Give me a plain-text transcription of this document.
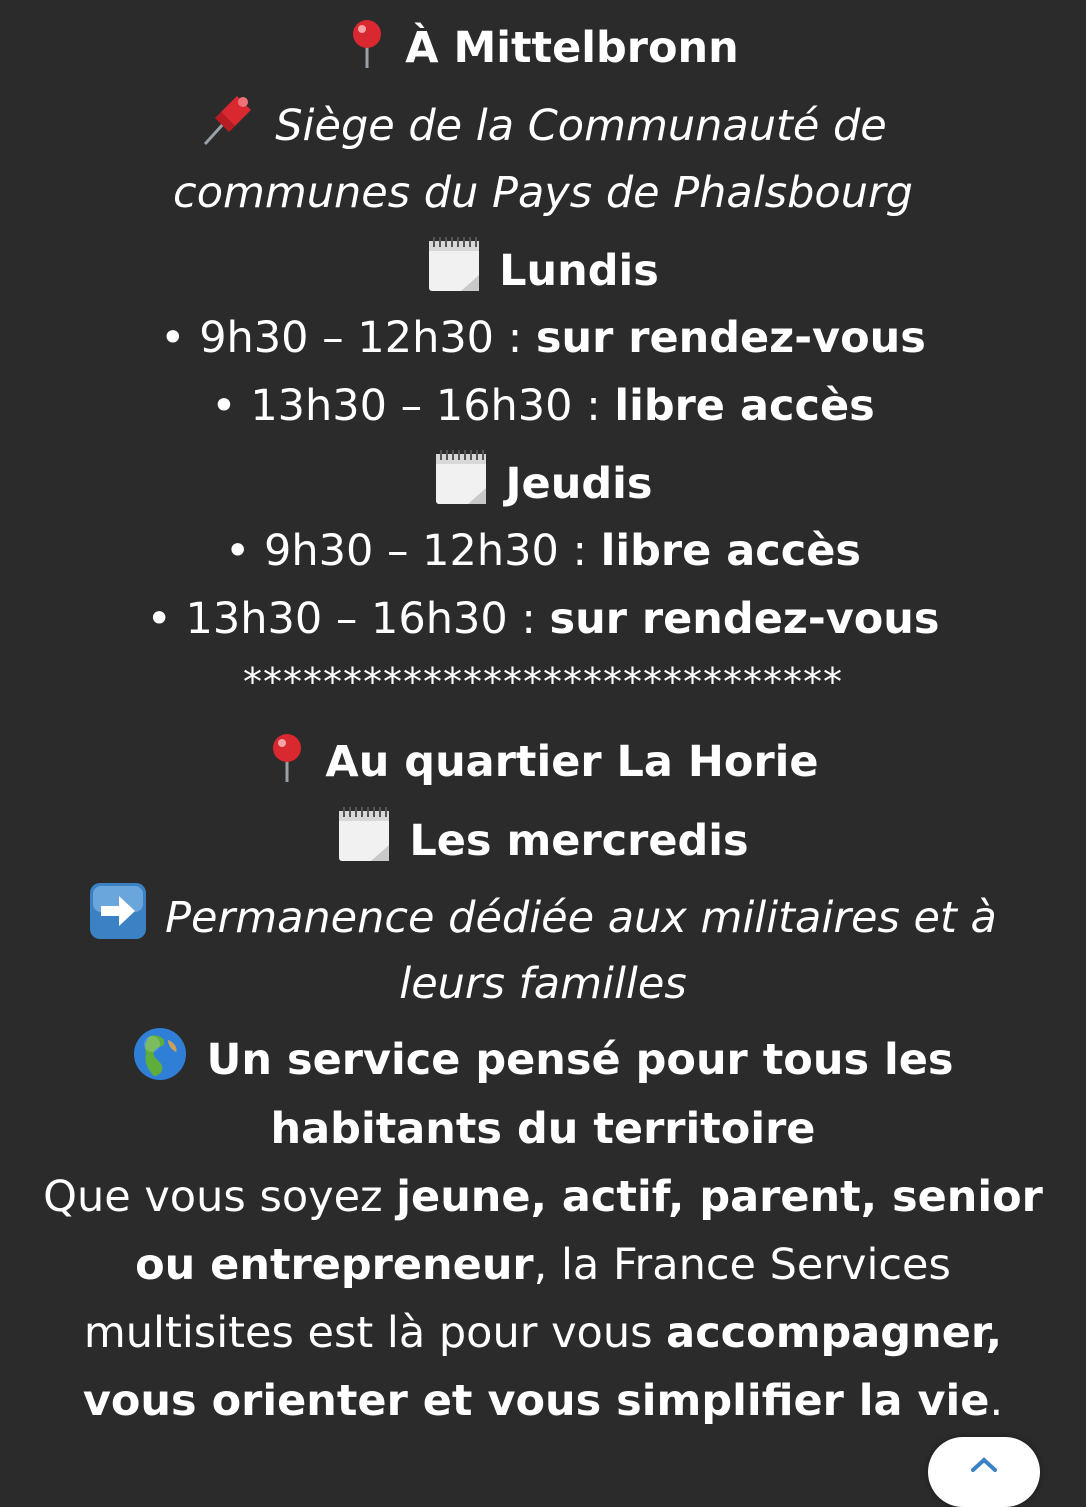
À Mittelbronn
Siège de la Communauté de
communes du Pays de Phalsbourg
Lundis
• 9h30 – 12h30 : sur rendez-vous
• 13h30 – 16h30 : libre accès
Jeudis
• 9h30 – 12h30 : libre accès
• 13h30 – 16h30 : sur rendez-vous
******************************
Au quartier La Horie
Les mercredis
Permanence dédiée aux militaires et à
leurs familles
Un service pensé pour tous les
habitants du territoire
Que vous soyez jeune, actif, parent, senior
ou entrepreneur, la France Services
multisites est là pour vous accompagner,
vous orienter et vous simplifier la vie.
